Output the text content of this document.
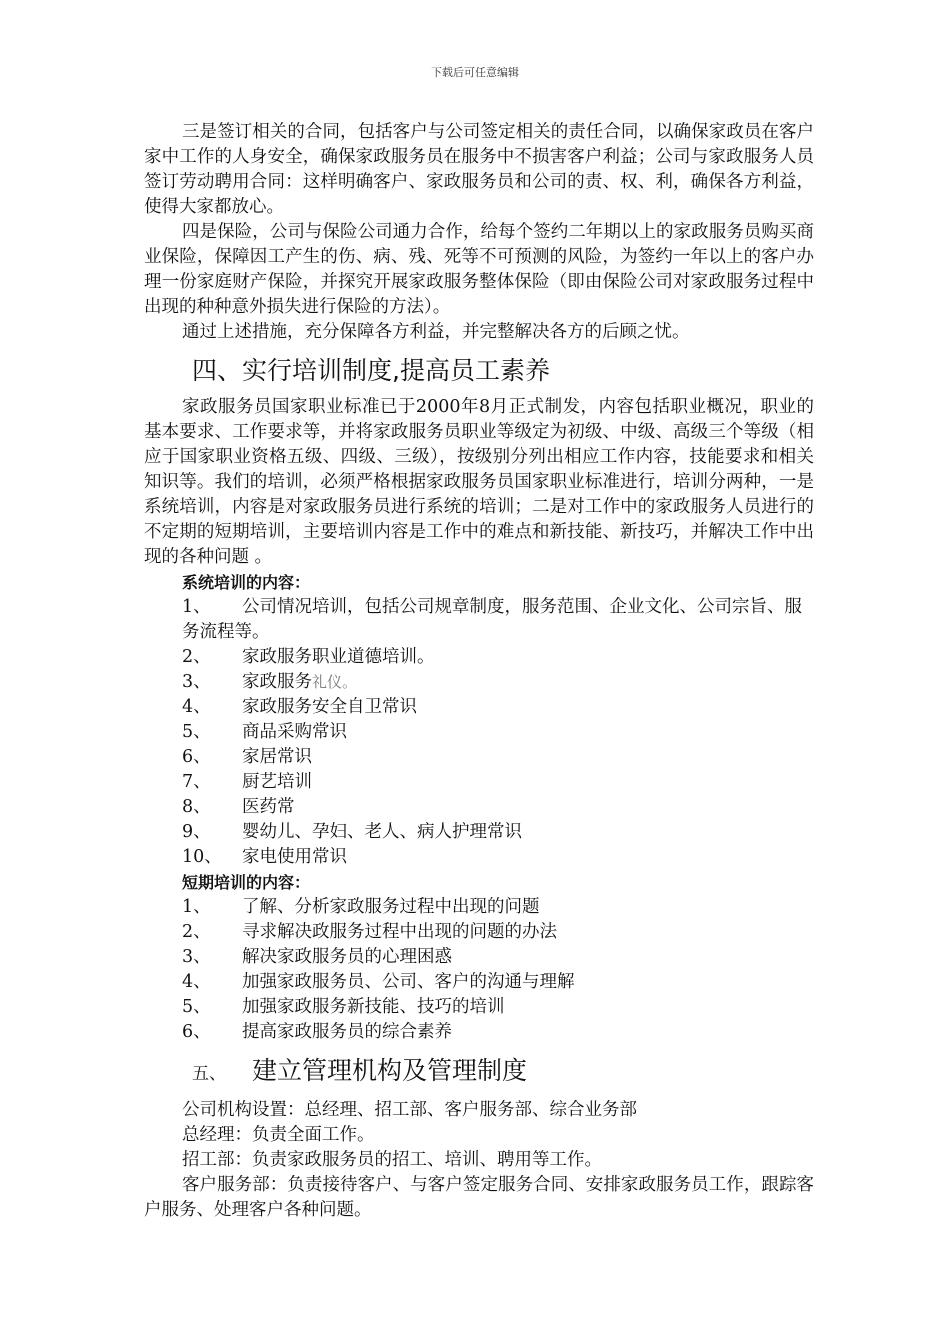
下载后可任意编辑

三是签订相关的合同，包括客户与公司签定相关的责任合同，以确保家政员在客户家中工作的人身安全，确保家政服务员在服务中不损害客户利益；公司与家政服务人员签订劳动聘用合同：这样明确客户、家政服务员和公司的责、权、利，确保各方利益，使得大家都放心。

四是保险，公司与保险公司通力合作，给每个签约二年期以上的家政服务员购买商业保险，保障因工产生的伤、病、残、死等不可预测的风险，为签约一年以上的客户办理一份家庭财产保险，并探究开展家政服务整体保险（即由保险公司对家政服务过程中出现的种种意外损失进行保险的方法）。

通过上述措施，充分保障各方利益，并完整解决各方的后顾之忧。

四、实行培训制度,提高员工素养

家政服务员国家职业标准已于2000年8月正式制发，内容包括职业概况，职业的基本要求、工作要求等，并将家政服务员职业等级定为初级、中级、高级三个等级（相应于国家职业资格五级、四级、三级），按级别分列出相应工作内容，技能要求和相关知识等。我们的培训，必须严格根据家政服务员国家职业标准进行，培训分两种，一是系统培训，内容是对家政服务员进行系统的培训；二是对工作中的家政服务人员进行的不定期的短期培训，主要培训内容是工作中的难点和新技能、新技巧，并解决工作中出现的各种问题 。

系统培训的内容：

1、 公司情况培训，包括公司规章制度，服务范围、企业文化、公司宗旨、服务流程等。

2、 家政服务职业道德培训。

3、 家政服务礼仪。

4、 家政服务安全自卫常识

5、 商品采购常识

6、 家居常识

7、 厨艺培训

8、 医药常

9、 婴幼儿、孕妇、老人、病人护理常识

10、 家电使用常识

短期培训的内容：

1、 了解、分析家政服务过程中出现的问题

2、 寻求解决政服务过程中出现的问题的办法

3、 解决家政服务员的心理困惑

4、 加强家政服务员、公司、客户的沟通与理解

5、 加强家政服务新技能、技巧的培训

6、 提高家政服务员的综合素养

五、 建立管理机构及管理制度

公司机构设置：总经理、招工部、客户服务部、综合业务部

总经理：负责全面工作。

招工部：负责家政服务员的招工、培训、聘用等工作。

客户服务部：负责接待客户、与客户签定服务合同、安排家政服务员工作，跟踪客户服务、处理客户各种问题。
